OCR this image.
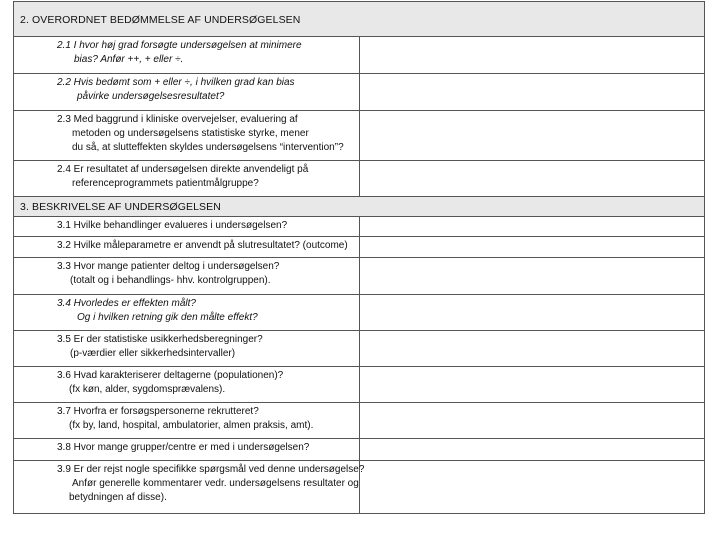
2. OVERORDNET BEDØMMELSE AF UNDERSØGELSEN	

2.1 I hvor høj grad forsøgte undersøgelsen at minimere
bias? Anfør ++, + eller ÷.	

2.2 Hvis bedømt som + eller ÷, i hvilken grad kan bias
påvirke undersøgelsesresultatet?	

2.3 Med baggrund i kliniske overvejelser, evaluering af
metoden og undersøgelsens statistiske styrke, mener
du så, at slutteffekten skyldes undersøgelsens “intervention”?	

2.4 Er resultatet af undersøgelsen direkte anvendeligt på
referenceprogrammets patientmålgruppe?	

3. BESKRIVELSE AF UNDERSØGELSEN	

3.1 Hvilke behandlinger evalueres i undersøgelsen?	

3.2 Hvilke måleparametre er anvendt på slutresultatet? (outcome)	

3.3 Hvor mange patienter deltog i undersøgelsen?
(totalt og i behandlings- hhv. kontrolgruppen).	

3.4 Hvorledes er effekten målt?
Og i hvilken retning gik den målte effekt?	

3.5 Er der statistiske usikkerhedsberegninger?
(p-værdier eller sikkerhedsintervaller)	

3.6 Hvad karakteriserer deltagerne (populationen)?
(fx køn, alder, sygdomsprævalens).	

3.7 Hvorfra er forsøgspersonerne rekrutteret?
(fx by, land, hospital, ambulatorier, almen praksis, amt).	

3.8 Hvor mange grupper/centre er med i undersøgelsen?	

3.9 Er der rejst nogle specifikke spørgsmål ved denne undersøgelse?
Anfør generelle kommentarer vedr. undersøgelsens resultater og
betydningen af disse).	
